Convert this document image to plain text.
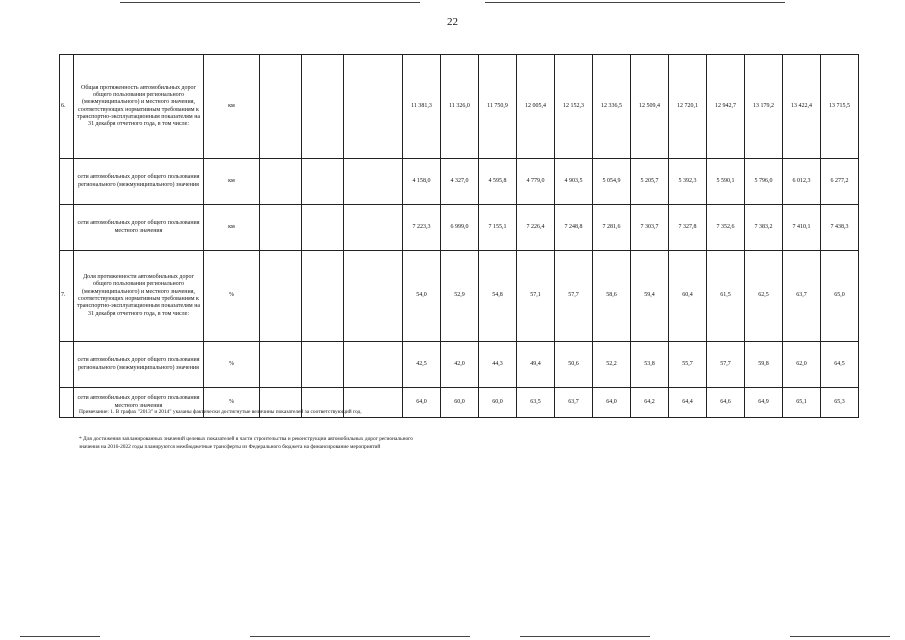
22
6.	Общая протяженность автомобильных дорог общего пользования регионального (межмуниципального) и местного значения, соответствующих нормативным требованиям к транспортно-эксплуатационным показателям на 31 декабря отчетного года, в том числе:	км				11 381,3	11 326,0	11 750,9	12 005,4	12 152,3	12 336,5	12 509,4	12 720,1	12 942,7	13 179,2	13 422,4	13 715,5
	сети автомобильных дорог общего пользования регионального (межмуниципального) значения	км				4 158,0	4 327,0	4 595,8	4 779,0	4 903,5	5 054,9	5 205,7	5 392,3	5 590,1	5 796,0	6 012,3	6 277,2
	сети автомобильных дорог общего пользования местного значения	км				7 223,3	6 999,0	7 155,1	7 226,4	7 248,8	7 281,6	7 303,7	7 327,8	7 352,6	7 383,2	7 410,1	7 438,3
7.	Доля протяженности автомобильных дорог общего пользования регионального (межмуниципального) и местного значения, соответствующих нормативным требованиям к транспортно-эксплуатационным показателям на 31 декабря отчетного года, в том числе:	%				54,0	52,9	54,8	57,1	57,7	58,6	59,4	60,4	61,5	62,5	63,7	65,0
	сети автомобильных дорог общего пользования регионального (межмуниципального) значения	%				42,5	42,0	44,3	49,4	50,6	52,2	53,8	55,7	57,7	59,8	62,0	64,5
	сети автомобильных дорог общего пользования местного значения	%				64,0	60,0	60,0	63,5	63,7	64,0	64,2	64,4	64,6	64,9	65,1	65,3
Примечание: 1. В графах "2013" и 2014" указаны фактически достигнутые величины показателей за соответствующий год.
* Для достижения запланированных значений целевых показателей в части строительства и реконструкции автомобильных дорог регионального
значения на 2016-2022 годы планируются межбюджетные трансферты из Федерального бюджета на финансирование мероприятий
